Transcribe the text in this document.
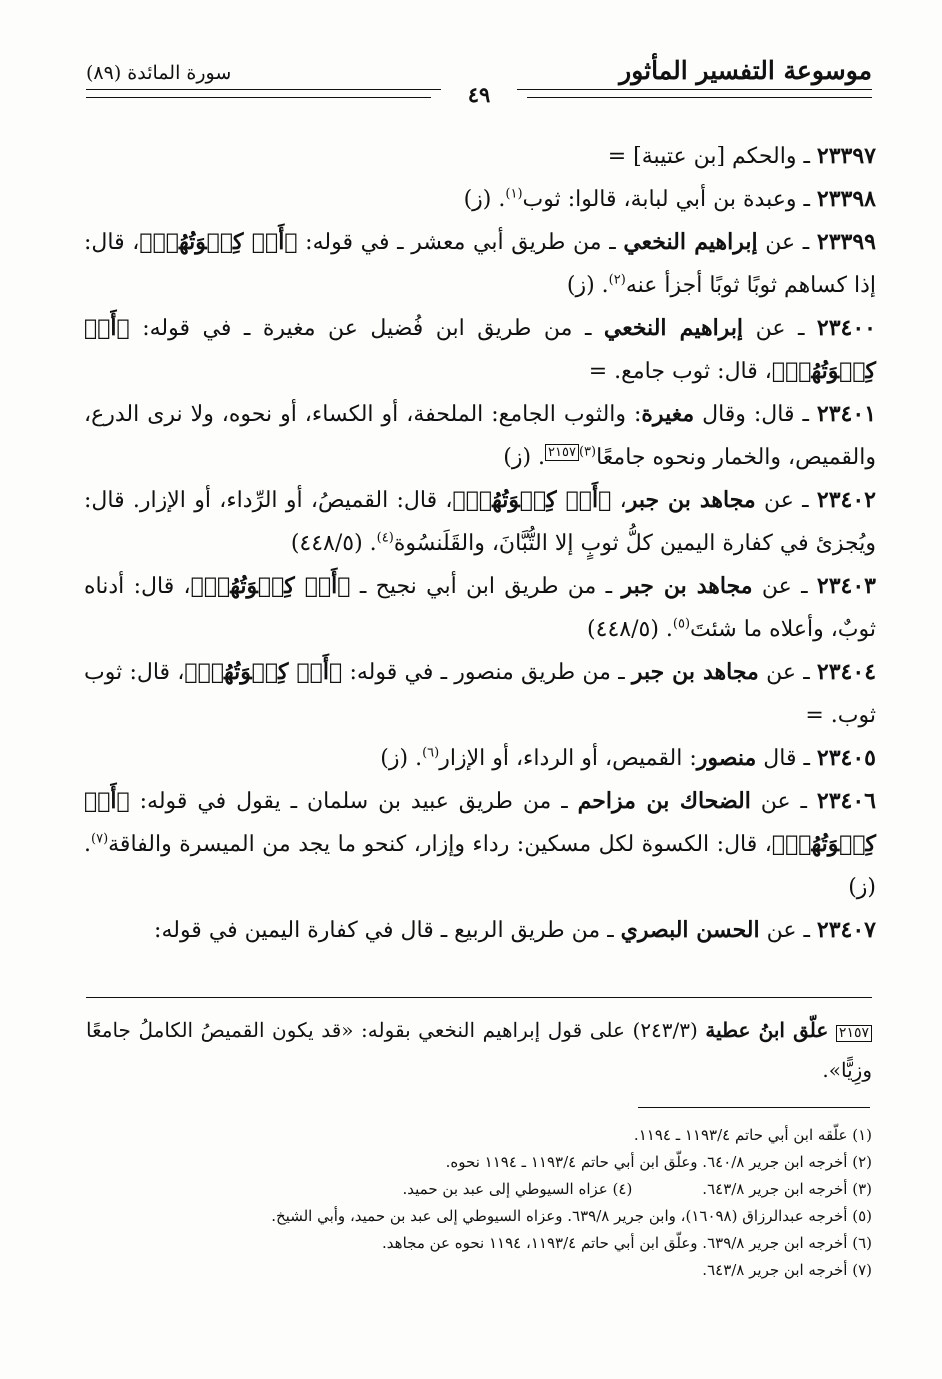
موسوعة التفسير المأثور
سورة المائدة (٨٩)
٤٩

٢٣٣٩٧ ـ والحكم [بن عتيبة] =

٢٣٣٩٨ ـ وعبدة بن أبي لبابة، قالوا: ثوب$^{(١)}$. (ز)

٢٣٣٩٩ ـ عن إبراهيم النخعي ـ من طريق أبي معشر ـ في قوله: ﴿أَوۡ كِسۡوَتُهُمۡ﴾، قال: إذا كساهم ثوبًا ثوبًا أجزأ عنه$^{(٢)}$. (ز)

٢٣٤٠٠ ـ عن إبراهيم النخعي ـ من طريق ابن فُضيل عن مغيرة ـ في قوله: ﴿أَوۡ كِسۡوَتُهُمۡ﴾، قال: ثوب جامع. =

٢٣٤٠١ ـ قال: وقال مغيرة: والثوب الجامع: الملحفة، أو الكساء، أو نحوه، ولا نرى الدرع، والقميص، والخمار ونحوه جامعًا$^{(٣)}$٢١٥٧. (ز)

٢٣٤٠٢ ـ عن مجاهد بن جبر، ﴿أَوۡ كِسۡوَتُهُمۡ﴾، قال: القميصُ، أو الرِّداء، أو الإزار. قال: ويُجزئ في كفارة اليمين كلُّ ثوبٍ إلا التُّبَّانَ، والقَلَنسُوة$^{(٤)}$. (٤٤٨/٥)

٢٣٤٠٣ ـ عن مجاهد بن جبر ـ من طريق ابن أبي نجيح ـ ﴿أَوۡ كِسۡوَتُهُمۡ﴾، قال: أدناه ثوبٌ، وأعلاه ما شئتَ$^{(٥)}$. (٤٤٨/٥)

٢٣٤٠٤ ـ عن مجاهد بن جبر ـ من طريق منصور ـ في قوله: ﴿أَوۡ كِسۡوَتُهُمۡ﴾، قال: ثوب ثوب. =

٢٣٤٠٥ ـ قال منصور: القميص، أو الرداء، أو الإزار$^{(٦)}$. (ز)

٢٣٤٠٦ ـ عن الضحاك بن مزاحم ـ من طريق عبيد بن سلمان ـ يقول في قوله: ﴿أَوۡ كِسۡوَتُهُمۡ﴾، قال: الكسوة لكل مسكين: رداء وإزار، كنحو ما يجد من الميسرة والفاقة$^{(٧)}$. (ز)

٢٣٤٠٧ ـ عن الحسن البصري ـ من طريق الربيع ـ قال في كفارة اليمين في قوله:

٢١٥٧ علّق ابنُ عطية (٢٤٣/٣) على قول إبراهيم النخعي بقوله: «قد يكون القميصُ الكاملُ جامعًا وزِيًّا».

(١) علّقه ابن أبي حاتم ١١٩٣/٤ ـ ١١٩٤.

(٢) أخرجه ابن جرير ٦٤٠/٨. وعلّق ابن أبي حاتم ١١٩٣/٤ ـ ١١٩٤ نحوه.

(٣) أخرجه ابن جرير ٦٤٣/٨.

(٤) عزاه السيوطي إلى عبد بن حميد.

(٥) أخرجه عبدالرزاق (١٦٠٩٨)، وابن جرير ٦٣٩/٨. وعزاه السيوطي إلى عبد بن حميد، وأبي الشيخ.

(٦) أخرجه ابن جرير ٦٣٩/٨. وعلّق ابن أبي حاتم ١١٩٣/٤، ١١٩٤ نحوه عن مجاهد.

(٧) أخرجه ابن جرير ٦٤٣/٨.
